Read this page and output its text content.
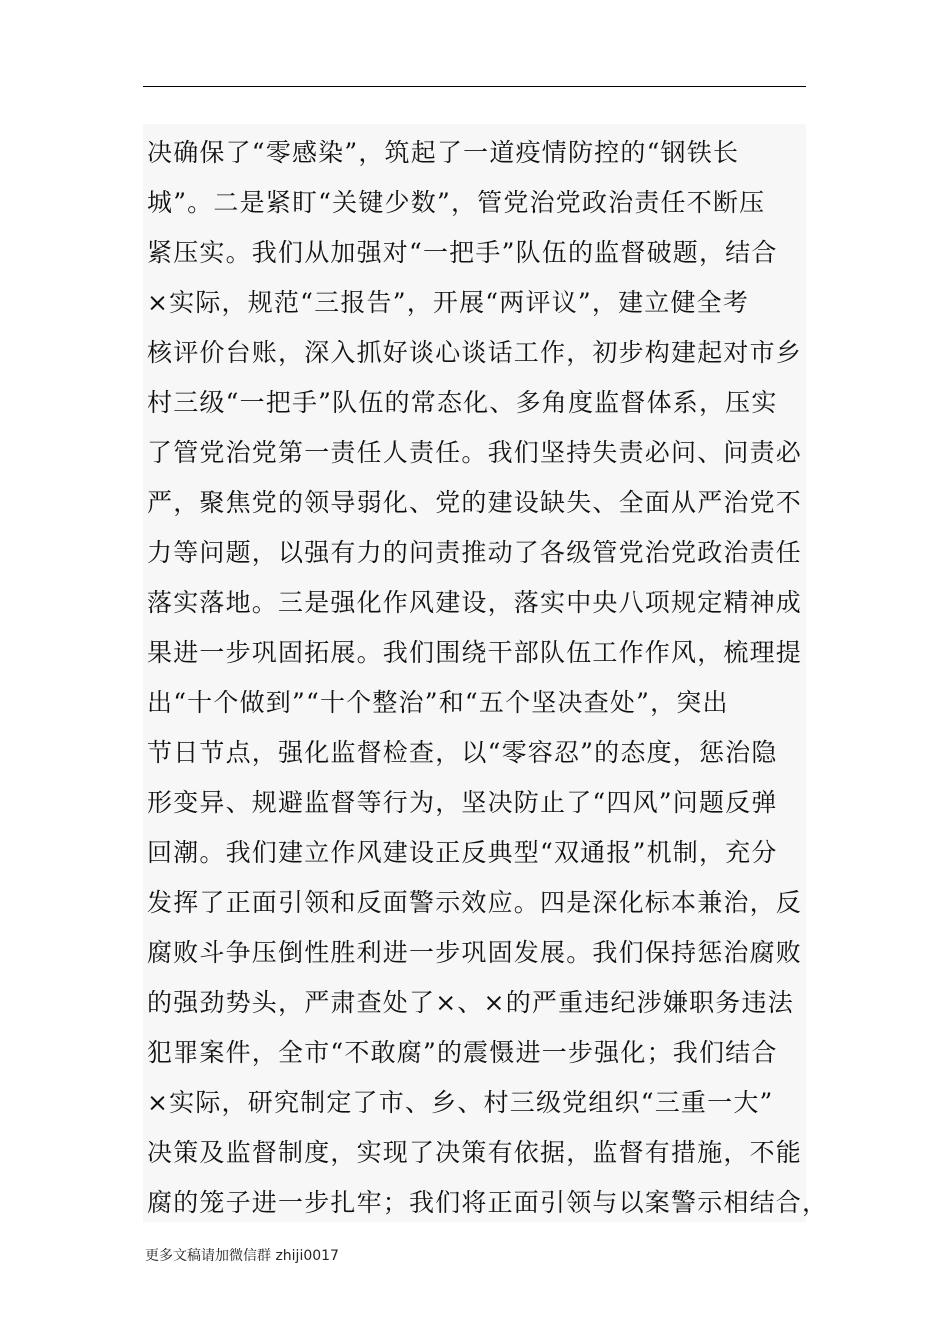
决确保了“零感染”，筑起了一道疫情防控的“钢铁长
城”。二是紧盯“关键少数”，管党治党政治责任不断压
紧压实。我们从加强对“一把手”队伍的监督破题，结合
×实际，规范“三报告”，开展“两评议”，建立健全考
核评价台账，深入抓好谈心谈话工作，初步构建起对市乡
村三级“一把手”队伍的常态化、多角度监督体系，压实
了管党治党第一责任人责任。我们坚持失责必问、问责必
严，聚焦党的领导弱化、党的建设缺失、全面从严治党不
力等问题，以强有力的问责推动了各级管党治党政治责任
落实落地。三是强化作风建设，落实中央八项规定精神成
果进一步巩固拓展。我们围绕干部队伍工作作风，梳理提
出“十个做到”“十个整治”和“五个坚决查处”，突出
节日节点，强化监督检查，以“零容忍”的态度，惩治隐
形变异、规避监督等行为，坚决防止了“四风”问题反弹
回潮。我们建立作风建设正反典型“双通报”机制，充分
发挥了正面引领和反面警示效应。四是深化标本兼治，反
腐败斗争压倒性胜利进一步巩固发展。我们保持惩治腐败
的强劲势头，严肃查处了×、×的严重违纪涉嫌职务违法
犯罪案件，全市“不敢腐”的震慑进一步强化；我们结合
×实际，研究制定了市、乡、村三级党组织“三重一大”
决策及监督制度，实现了决策有依据，监督有措施，不能
腐的笼子进一步扎牢；我们将正面引领与以案警示相结合，
更多文稿请加微信群 zhiji0017
